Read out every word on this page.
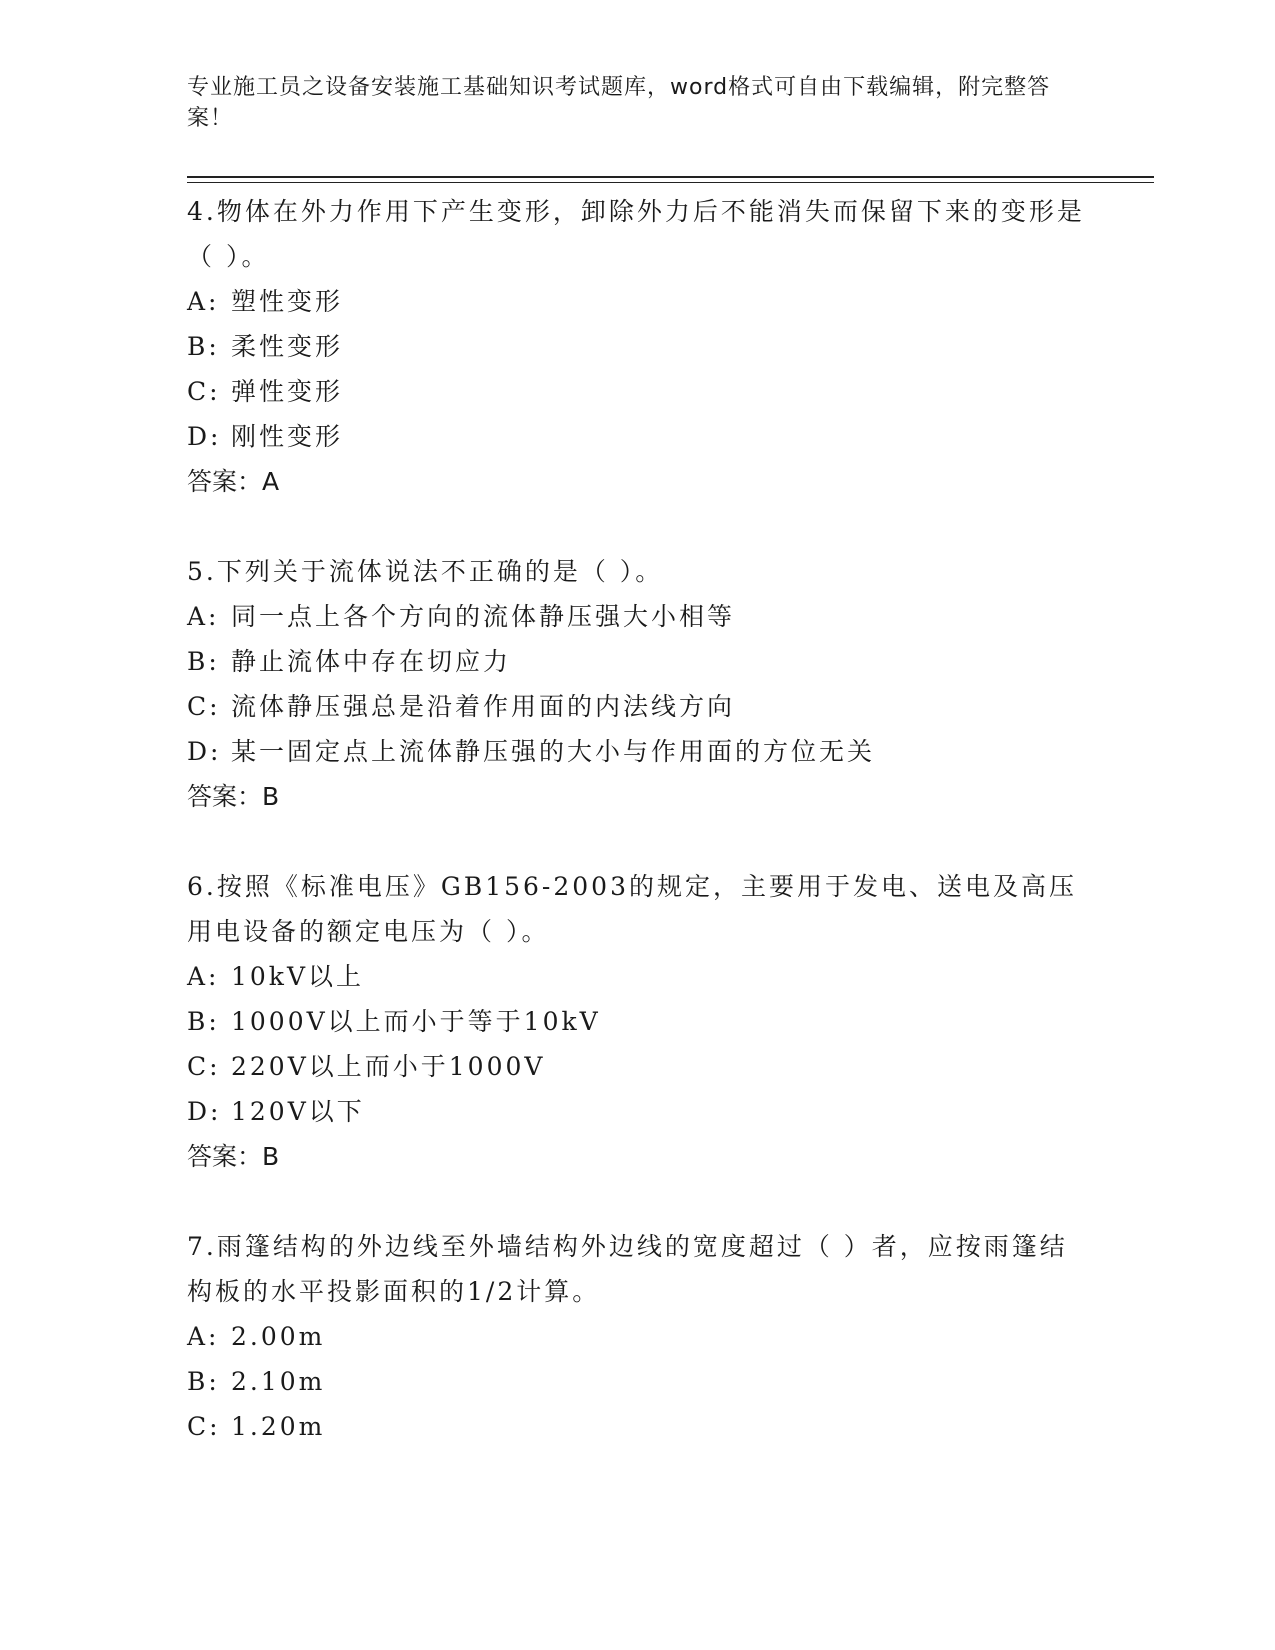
专业施工员之设备安装施工基础知识考试题库，word格式可自由下载编辑，附完整答案！
4.物体在外力作用下产生变形，卸除外力后不能消失而保留下来的变形是（ ）。
A: 塑性变形
B: 柔性变形
C: 弹性变形
D: 刚性变形
答案：A
5.下列关于流体说法不正确的是（ ）。
A: 同一点上各个方向的流体静压强大小相等
B: 静止流体中存在切应力
C: 流体静压强总是沿着作用面的内法线方向
D: 某一固定点上流体静压强的大小与作用面的方位无关
答案：B
6.按照《标准电压》GB156-2003的规定，主要用于发电、送电及高压用电设备的额定电压为（ ）。
A: 10kV以上
B: 1000V以上而小于等于10kV
C: 220V以上而小于1000V
D: 120V以下
答案：B
7.雨篷结构的外边线至外墙结构外边线的宽度超过（ ）者，应按雨篷结构板的水平投影面积的1/2计算。
A: 2.00m
B: 2.10m
C: 1.20m
